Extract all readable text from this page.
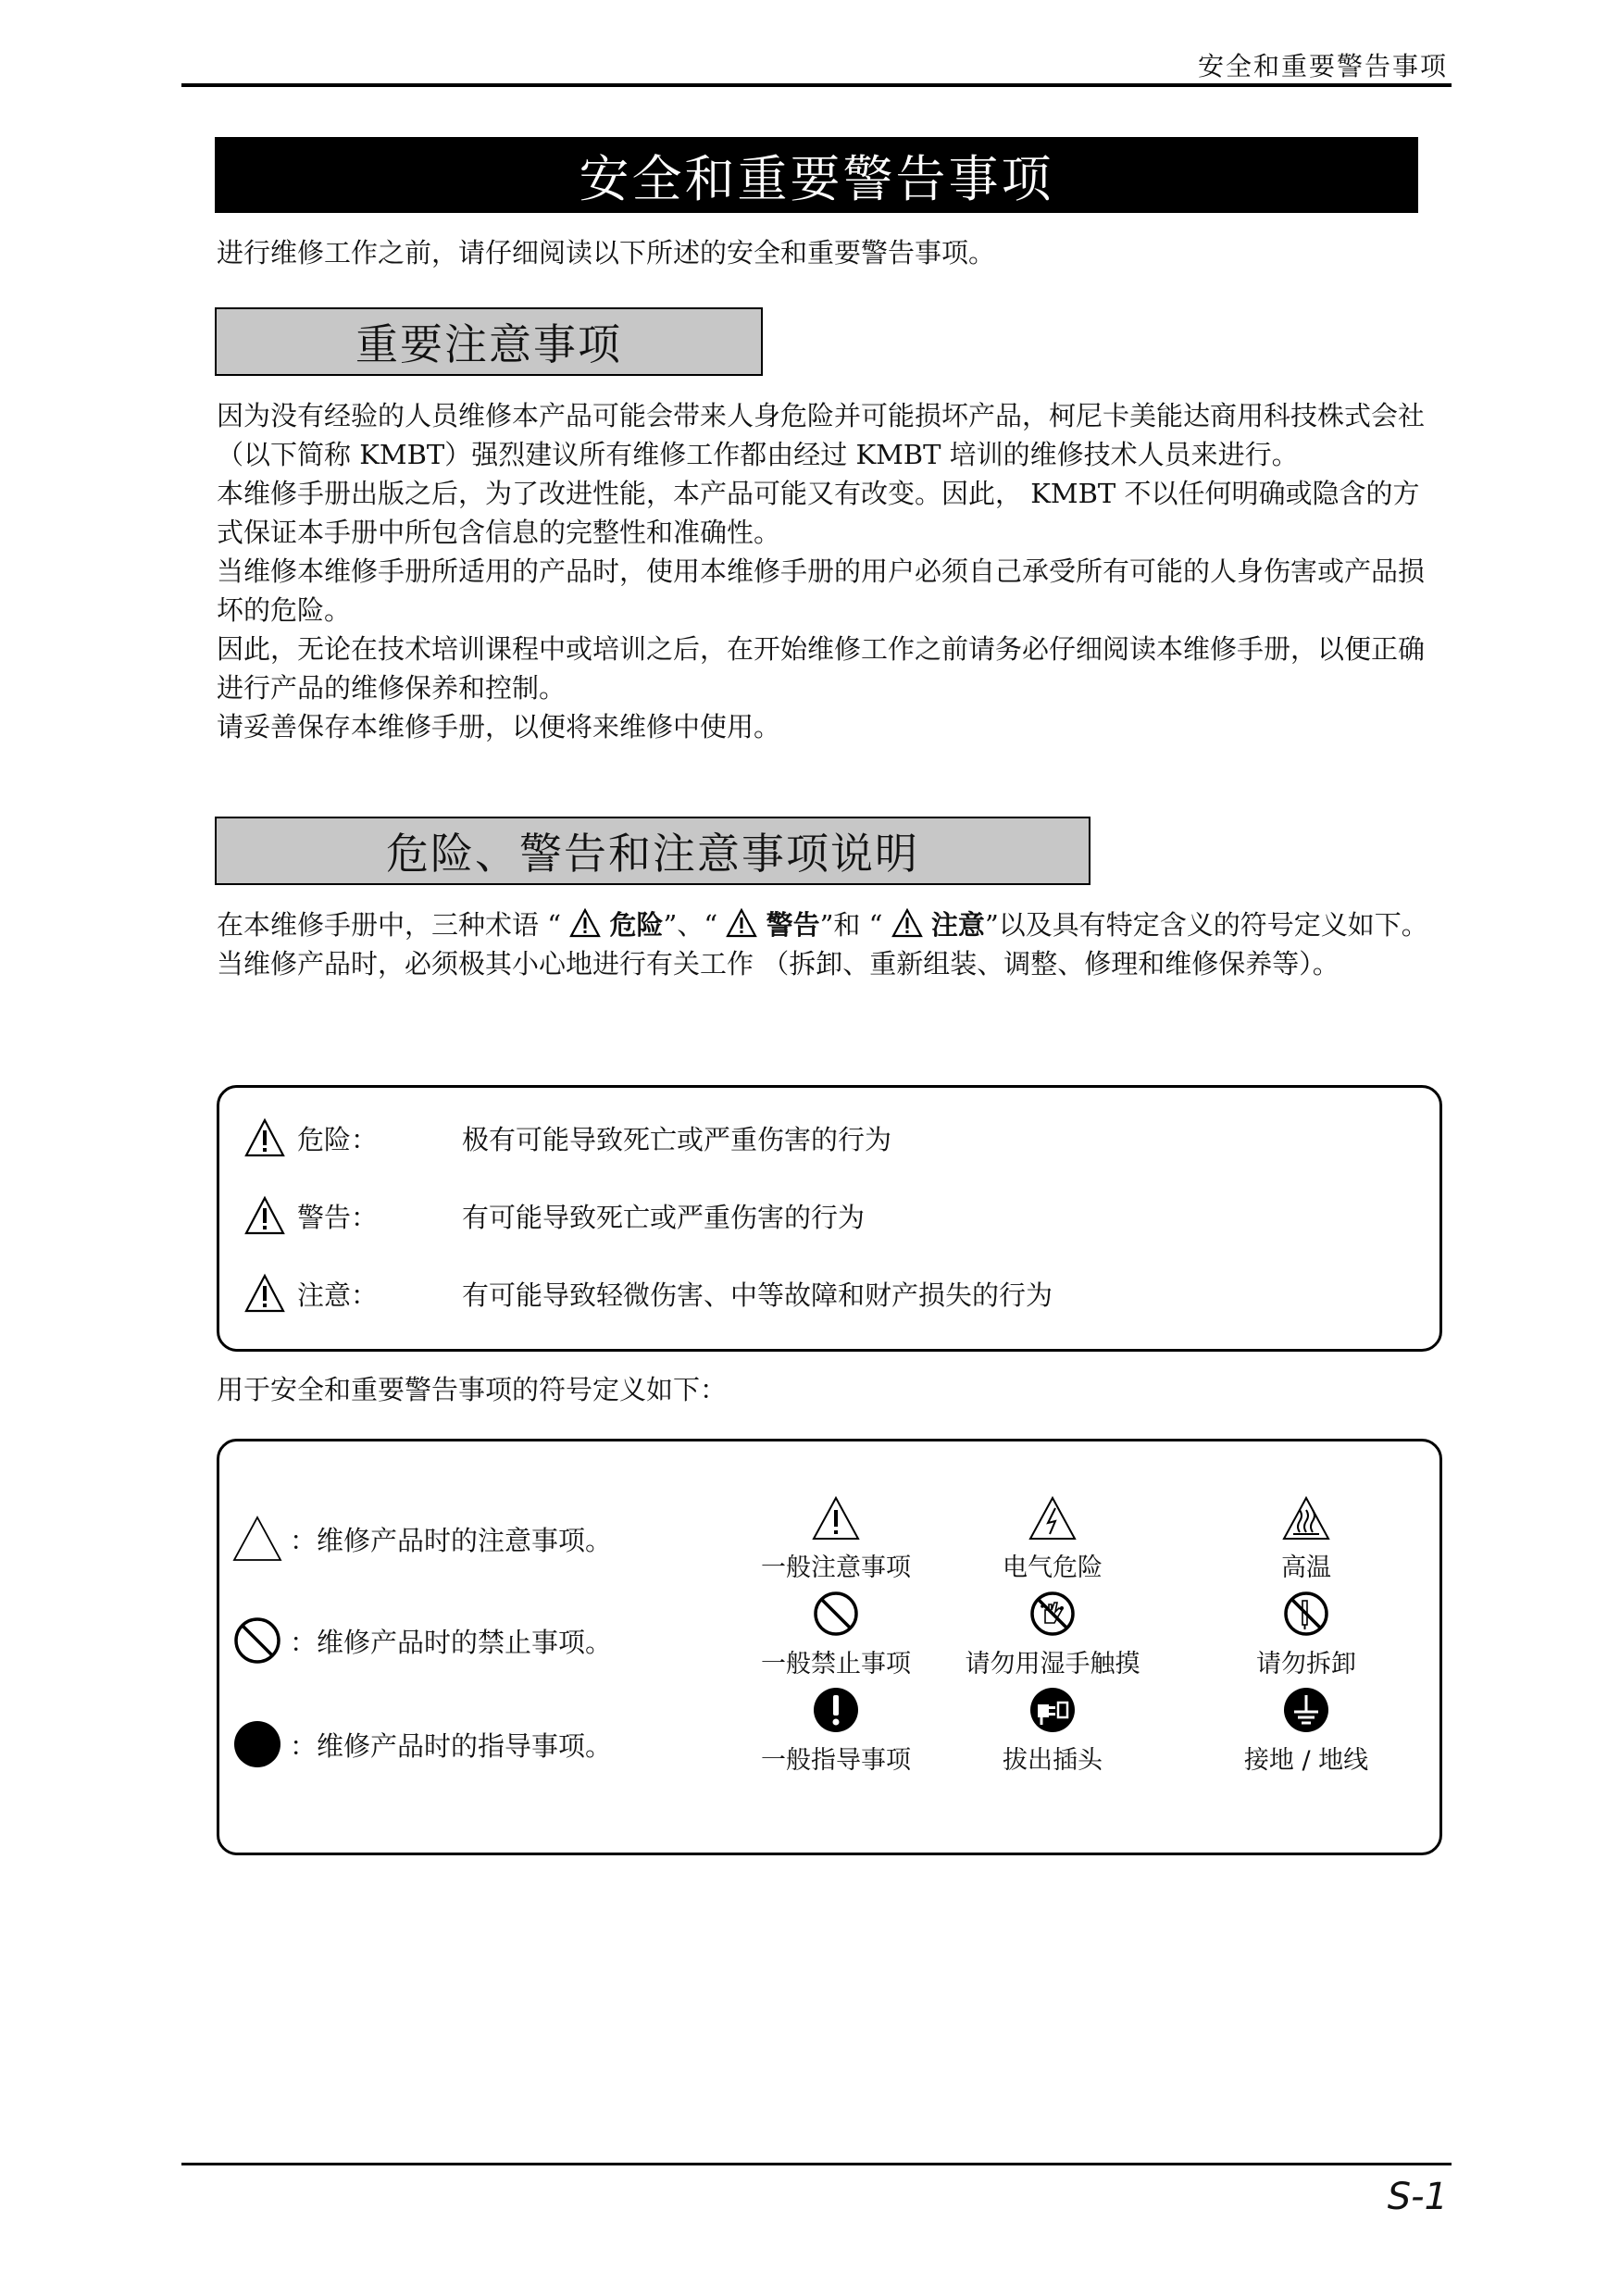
安全和重要警告事项
安全和重要警告事项
进行维修工作之前，请仔细阅读以下所述的安全和重要警告事项。
重要注意事项
因为没有经验的人员维修本产品可能会带来人身危险并可能损坏产品，柯尼卡美能达商用科技株式会社 （以下简称 KMBT）强烈建议所有维修工作都由经过 KMBT 培训的维修技术人员来进行。
本维修手册出版之后，为了改进性能，本产品可能又有改变。因此， KMBT 不以任何明确或隐含的方式保证本手册中所包含信息的完整性和准确性。
当维修本维修手册所适用的产品时，使用本维修手册的用户必须自己承受所有可能的人身伤害或产品损坏的危险。
因此，无论在技术培训课程中或培训之后，在开始维修工作之前请务必仔细阅读本维修手册，以便正确进行产品的维修保养和控制。
请妥善保存本维修手册，以便将来维修中使用。
危险、警告和注意事项说明
在本维修手册中，三种术语 “ 危险”、“ 警告”和 “ 注意”以及具有特定含义的符号定义如下。
当维修产品时，必须极其小心地进行有关工作 （拆卸、重新组装、调整、修理和维修保养等）。
危险：	极有可能导致死亡或严重伤害的行为
警告：	有可能导致死亡或严重伤害的行为
注意：	有可能导致轻微伤害、中等故障和财产损失的行为
用于安全和重要警告事项的符号定义如下：
：维修产品时的注意事项。
：维修产品时的禁止事项。
：维修产品时的指导事项。
一般注意事项	电气危险	高温
一般禁止事项 请勿用湿手触摸	请勿拆卸
一般指导事项	拔出插头	接地 / 地线
S-1
